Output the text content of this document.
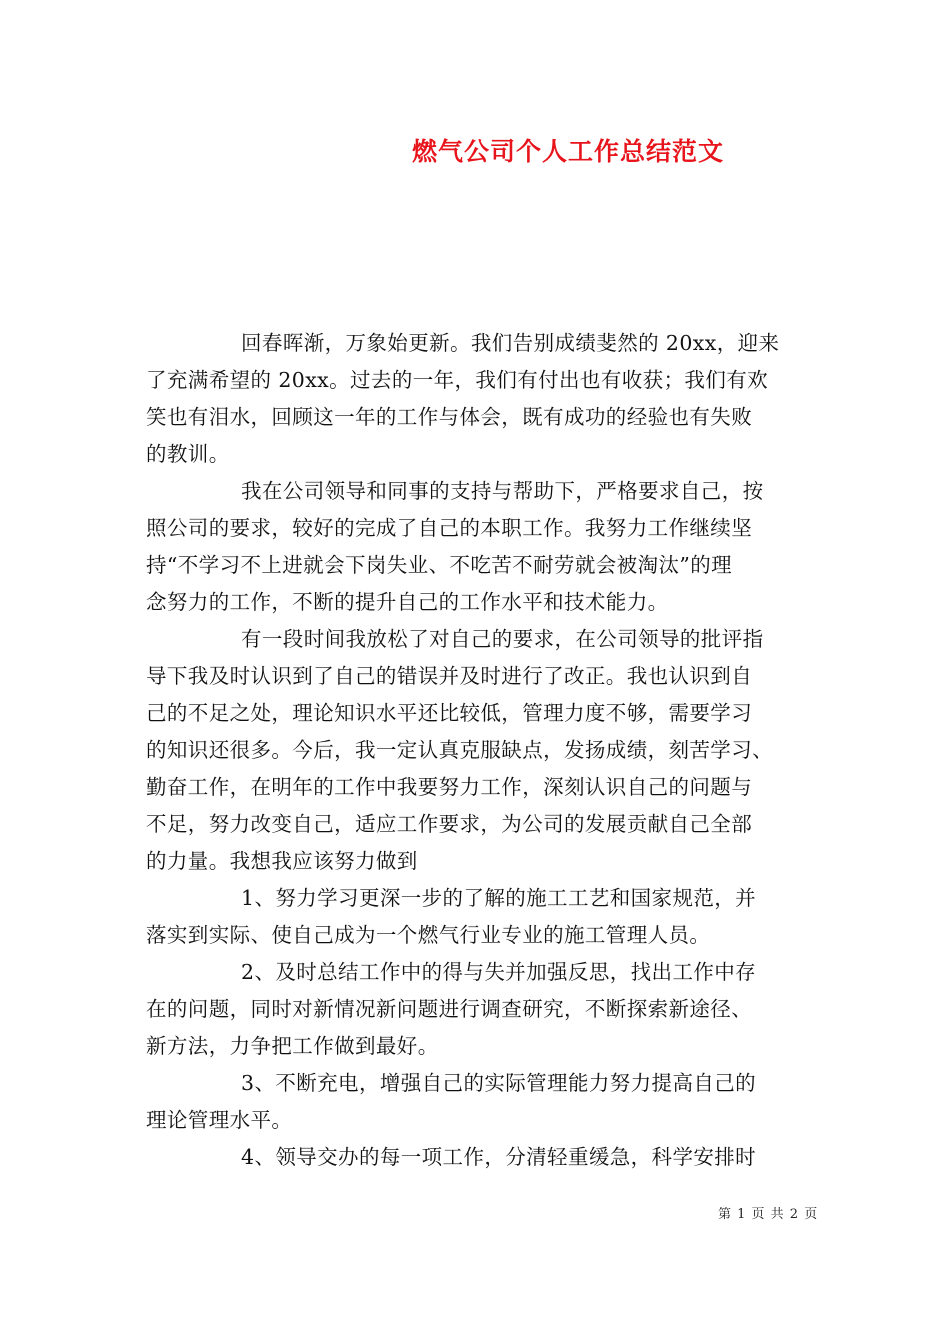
燃气公司个人工作总结范文
回春晖渐，万象始更新。我们告别成绩斐然的 20xx，迎来
了充满希望的 20xx。过去的一年，我们有付出也有收获；我们有欢
笑也有泪水，回顾这一年的工作与体会，既有成功的经验也有失败
的教训。
我在公司领导和同事的支持与帮助下，严格要求自己，按
照公司的要求，较好的完成了自己的本职工作。我努力工作继续坚
持“不学习不上进就会下岗失业、不吃苦不耐劳就会被淘汰”的理
念努力的工作，不断的提升自己的工作水平和技术能力。
有一段时间我放松了对自己的要求，在公司领导的批评指
导下我及时认识到了自己的错误并及时进行了改正。我也认识到自
己的不足之处，理论知识水平还比较低，管理力度不够，需要学习
的知识还很多。今后，我一定认真克服缺点，发扬成绩，刻苦学习、
勤奋工作，在明年的工作中我要努力工作，深刻认识自己的问题与
不足，努力改变自己，适应工作要求，为公司的发展贡献自己全部
的力量。我想我应该努力做到
1、努力学习更深一步的了解的施工工艺和国家规范，并
落实到实际、使自己成为一个燃气行业专业的施工管理人员。
2、及时总结工作中的得与失并加强反思，找出工作中存
在的问题，同时对新情况新问题进行调查研究，不断探索新途径、
新方法，力争把工作做到最好。
3、不断充电，增强自己的实际管理能力努力提高自己的
理论管理水平。
4、领导交办的每一项工作，分清轻重缓急，科学安排时
第 1 页 共 2 页
